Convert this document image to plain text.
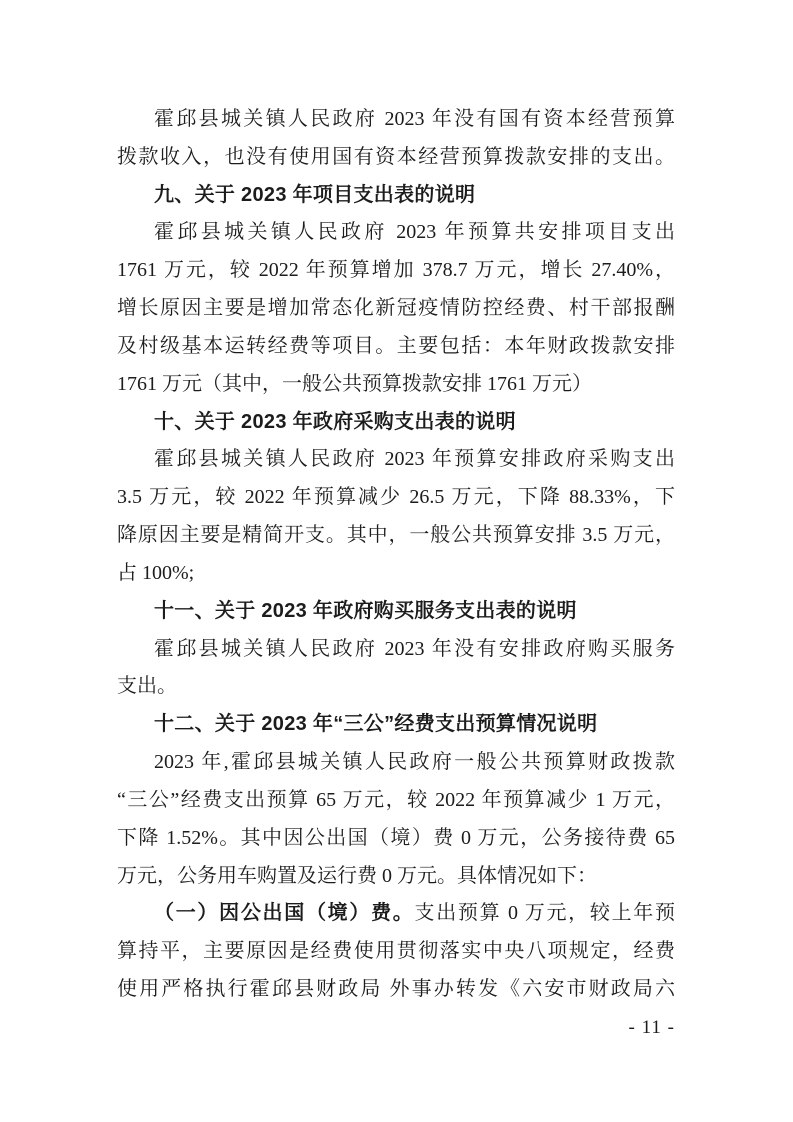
霍邱县城关镇人民政府 2023 年没有国有资本经营预算
拨款收入，也没有使用国有资本经营预算拨款安排的支出。
九、关于 2023 年项目支出表的说明
霍邱县城关镇人民政府 2023 年预算共安排项目支出
1761 万元，较 2022 年预算增加 378.7 万元，增长 27.40%，
增长原因主要是增加常态化新冠疫情防控经费、村干部报酬
及村级基本运转经费等项目。主要包括：本年财政拨款安排
1761 万元（其中，一般公共预算拨款安排 1761 万元）
十、关于 2023 年政府采购支出表的说明
霍邱县城关镇人民政府 2023 年预算安排政府采购支出
3.5 万元，较 2022 年预算减少 26.5 万元，下降 88.33%，下
降原因主要是精简开支。其中，一般公共预算安排 3.5 万元，
占 100%;
十一、关于 2023 年政府购买服务支出表的说明
霍邱县城关镇人民政府 2023 年没有安排政府购买服务
支出。
十二、关于 2023 年“三公”经费支出预算情况说明
2023 年,霍邱县城关镇人民政府一般公共预算财政拨款
“三公”经费支出预算 65 万元，较 2022 年预算减少 1 万元，
下降 1.52%。其中因公出国（境）费 0 万元，公务接待费 65
万元，公务用车购置及运行费 0 万元。具体情况如下：
（一）因公出国（境）费。支出预算 0 万元，较上年预
算持平，主要原因是经费使用贯彻落实中央八项规定，经费
使用严格执行霍邱县财政局 外事办转发《六安市财政局六
- 11 -
